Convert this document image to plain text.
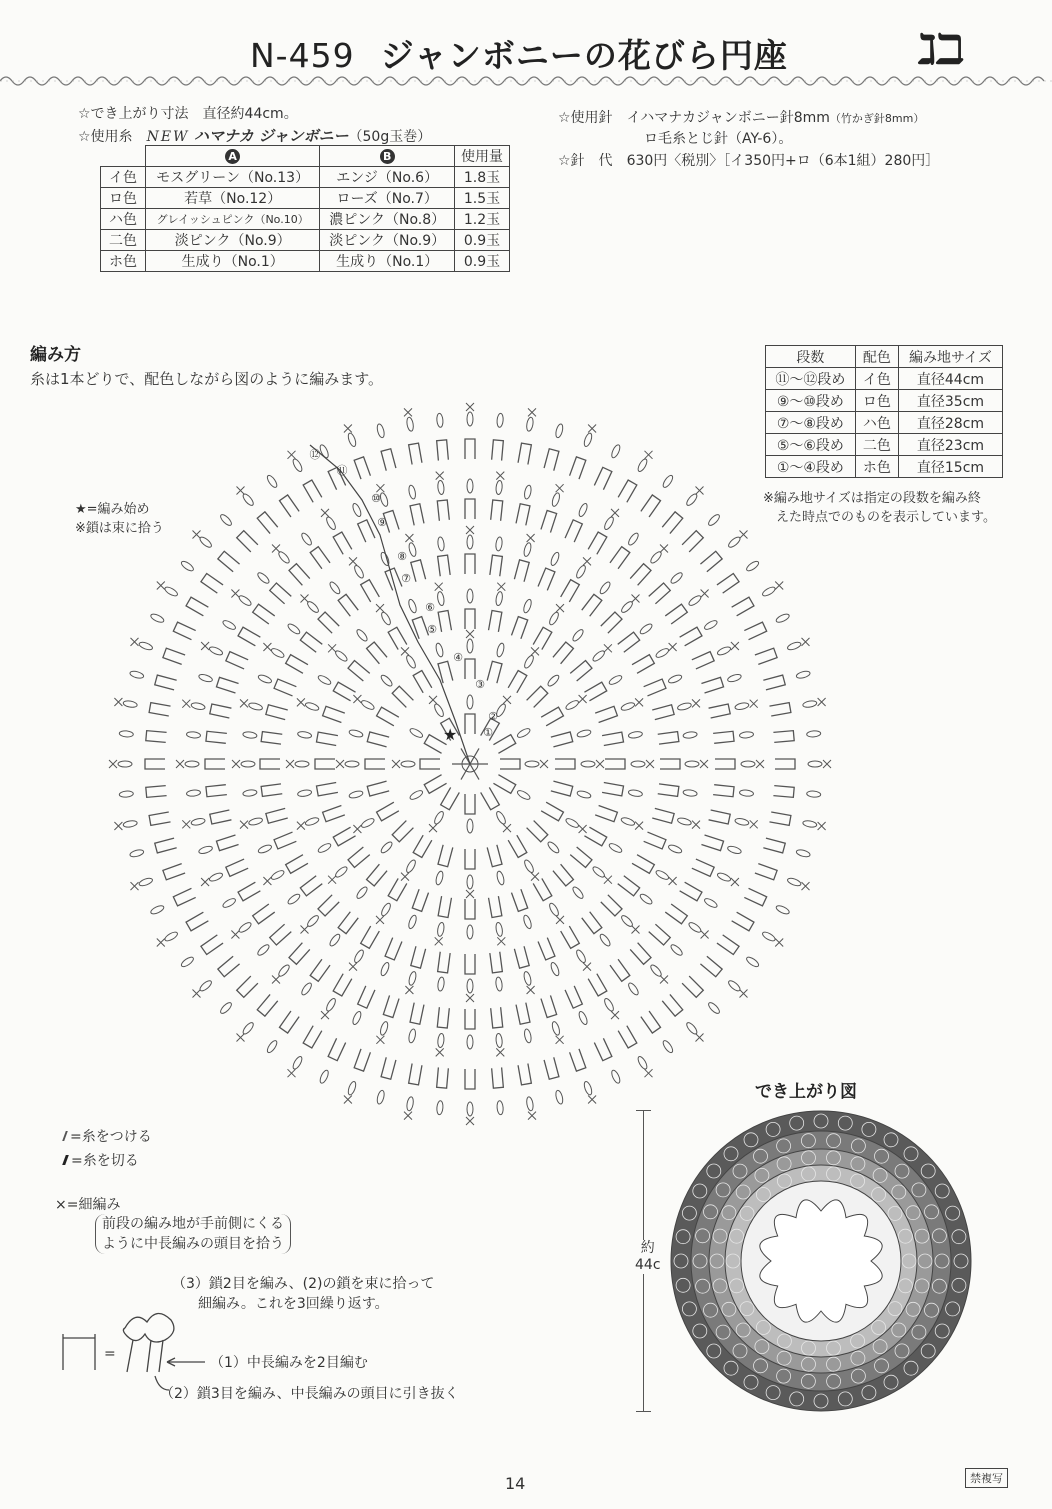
N-459 ジャンボニーの花びら円座	ℷℶ
☆でき上がり寸法　直径約44cm。
☆使用糸　 NEW ハマナカ ジャンボニー（50g玉巻）
	A	B	使用量
イ色	モスグリーン（No.13）	エンジ（No.6）	1.8玉
ロ色	若草（No.12）	ローズ（No.7）	1.5玉
ハ色	グレイッシュピンク（No.10）	濃ピンク（No.8）	1.2玉
二色	淡ピンク（No.9）	淡ピンク（No.9）	0.9玉
ホ色	生成り（No.1）	生成り（No.1）	0.9玉
☆使用針　 イハマナカジャンボニー針8mm（竹かぎ針8mm）
ロ毛糸とじ針（AY-6）。
☆針　代　 630円〈税別〉［イ350円+ロ（6本1組）280円］
編み方
糸は1本どりで、配色しながら図のように編みます。
★=編み始め
※鎖は束に拾う
段数	配色	編み地サイズ
⑪～⑫段め	イ色	直径44cm
⑨～⑩段め	ロ色	直径35cm
⑦～⑧段め	ハ色	直径28cm
⑤～⑥段め	二色	直径23cm
①～④段め	ホ色	直径15cm
※編み地サイズは指定の段数を編み終
えた時点でのものを表示しています。
①
②
③
④
⑤
⑥
⑦
⑧
⑨
⑩
⑪
⑫
★
でき上がり図
約
44c
=糸をつける
=糸を切る
×=細編み
前段の編み地が手前側にくる
ように中長編みの頭目を拾う
（3）鎖2目を編み、(2)の鎖を束に拾って
細編み。これを3回繰り返す。
（1）中長編みを2目編む
（2）鎖3目を編み、中長編みの頭目に引き抜く
=
14	禁複写
